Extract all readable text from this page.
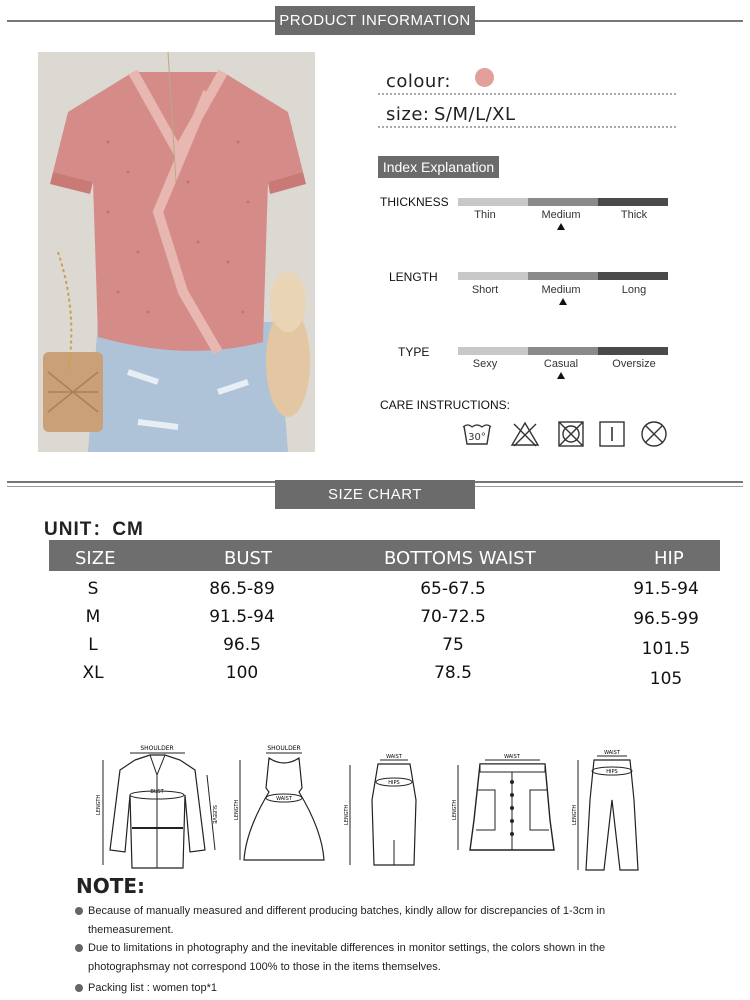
PRODUCT INFORMATION
colour:
size: S/M/L/XL
Index Explanation
THICKNESS
Thin	Medium	Thick
LENGTH
Short	Medium	Long
TYPE
Sexy	Casual	Oversize
CARE INSTRUCTIONS:
30°
SIZE CHART
UNIT：CM
SIZE	BUST	BOTTOMS WAIST	HIP
S	86.5-89	65-67.5	91.5-94
M	91.5-94	70-72.5	96.5-99
L	96.5	75	101.5
XL	100	78.5	105
SHOULDER
BUST
LENGTH	SLEEVE
SHOULDER
WAIST
LENGTH
WAIST
HIPS
LENGTH
WAIST
LENGTH
WAIST
HIPS
LENGTH
NOTE:
Because of manually measured and different producing batches, kindly allow for discrepancies of 1-3cm in themeasurement.
Due to limitations in photography and the inevitable differences in monitor settings, the colors shown in the photographsmay not correspond 100% to those in the items themselves.
Packing list : women top*1
